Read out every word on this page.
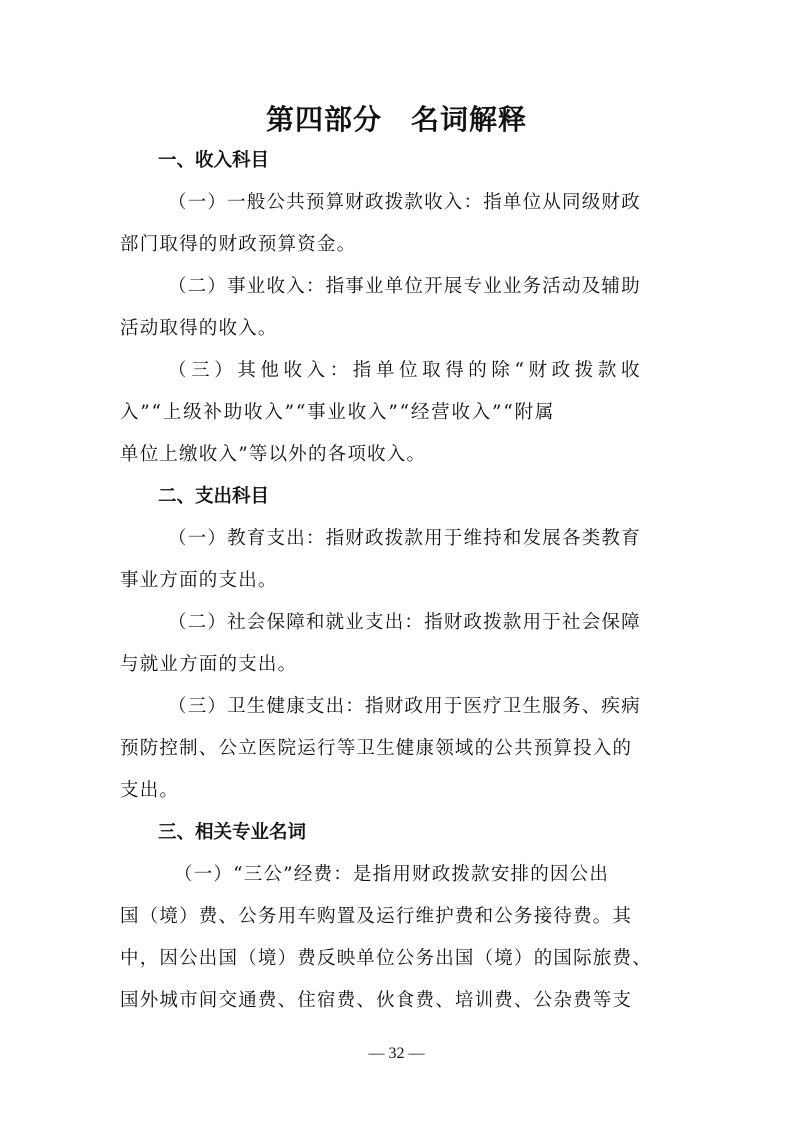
第四部分　名词解释
一、收入科目
（一）一般公共预算财政拨款收入：指单位从同级财政
部门取得的财政预算资金。
（二）事业收入：指事业单位开展专业业务活动及辅助
活动取得的收入。
（三）其他收入：指单位取得的除“财政拨款收
入”“上级补助收入”“事业收入”“经营收入”“附属
单位上缴收入”等以外的各项收入。
二、支出科目
（一）教育支出：指财政拨款用于维持和发展各类教育
事业方面的支出。
（二）社会保障和就业支出：指财政拨款用于社会保障
与就业方面的支出。
（三）卫生健康支出：指财政用于医疗卫生服务、疾病
预防控制、公立医院运行等卫生健康领域的公共预算投入的
支出。
三、相关专业名词
（一）“三公”经费：是指用财政拨款安排的因公出
国（境）费、公务用车购置及运行维护费和公务接待费。其
中，因公出国（境）费反映单位公务出国（境）的国际旅费、
国外城市间交通费、住宿费、伙食费、培训费、公杂费等支
— 32 —
